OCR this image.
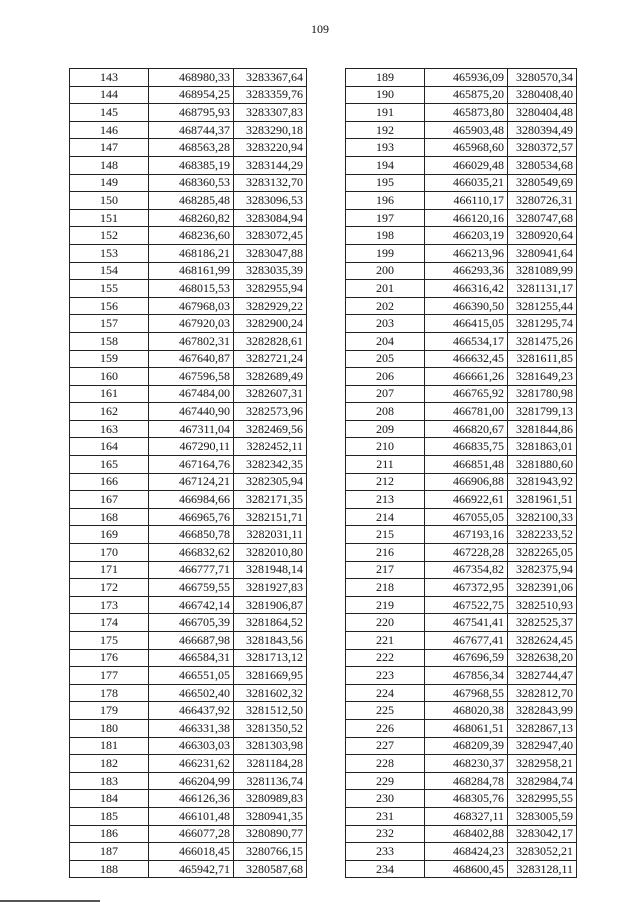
109
143	468980,33	3283367,64
144	468954,25	3283359,76
145	468795,93	3283307,83
146	468744,37	3283290,18
147	468563,28	3283220,94
148	468385,19	3283144,29
149	468360,53	3283132,70
150	468285,48	3283096,53
151	468260,82	3283084,94
152	468236,60	3283072,45
153	468186,21	3283047,88
154	468161,99	3283035,39
155	468015,53	3282955,94
156	467968,03	3282929,22
157	467920,03	3282900,24
158	467802,31	3282828,61
159	467640,87	3282721,24
160	467596,58	3282689,49
161	467484,00	3282607,31
162	467440,90	3282573,96
163	467311,04	3282469,56
164	467290,11	3282452,11
165	467164,76	3282342,35
166	467124,21	3282305,94
167	466984,66	3282171,35
168	466965,76	3282151,71
169	466850,78	3282031,11
170	466832,62	3282010,80
171	466777,71	3281948,14
172	466759,55	3281927,83
173	466742,14	3281906,87
174	466705,39	3281864,52
175	466687,98	3281843,56
176	466584,31	3281713,12
177	466551,05	3281669,95
178	466502,40	3281602,32
179	466437,92	3281512,50
180	466331,38	3281350,52
181	466303,03	3281303,98
182	466231,62	3281184,28
183	466204,99	3281136,74
184	466126,36	3280989,83
185	466101,48	3280941,35
186	466077,28	3280890,77
187	466018,45	3280766,15
188	465942,71	3280587,68
189	465936,09	3280570,34
190	465875,20	3280408,40
191	465873,80	3280404,48
192	465903,48	3280394,49
193	465968,60	3280372,57
194	466029,48	3280534,68
195	466035,21	3280549,69
196	466110,17	3280726,31
197	466120,16	3280747,68
198	466203,19	3280920,64
199	466213,96	3280941,64
200	466293,36	3281089,99
201	466316,42	3281131,17
202	466390,50	3281255,44
203	466415,05	3281295,74
204	466534,17	3281475,26
205	466632,45	3281611,85
206	466661,26	3281649,23
207	466765,92	3281780,98
208	466781,00	3281799,13
209	466820,67	3281844,86
210	466835,75	3281863,01
211	466851,48	3281880,60
212	466906,88	3281943,92
213	466922,61	3281961,51
214	467055,05	3282100,33
215	467193,16	3282233,52
216	467228,28	3282265,05
217	467354,82	3282375,94
218	467372,95	3282391,06
219	467522,75	3282510,93
220	467541,41	3282525,37
221	467677,41	3282624,45
222	467696,59	3282638,20
223	467856,34	3282744,47
224	467968,55	3282812,70
225	468020,38	3282843,99
226	468061,51	3282867,13
227	468209,39	3282947,40
228	468230,37	3282958,21
229	468284,78	3282984,74
230	468305,76	3282995,55
231	468327,11	3283005,59
232	468402,88	3283042,17
233	468424,23	3283052,21
234	468600,45	3283128,11
